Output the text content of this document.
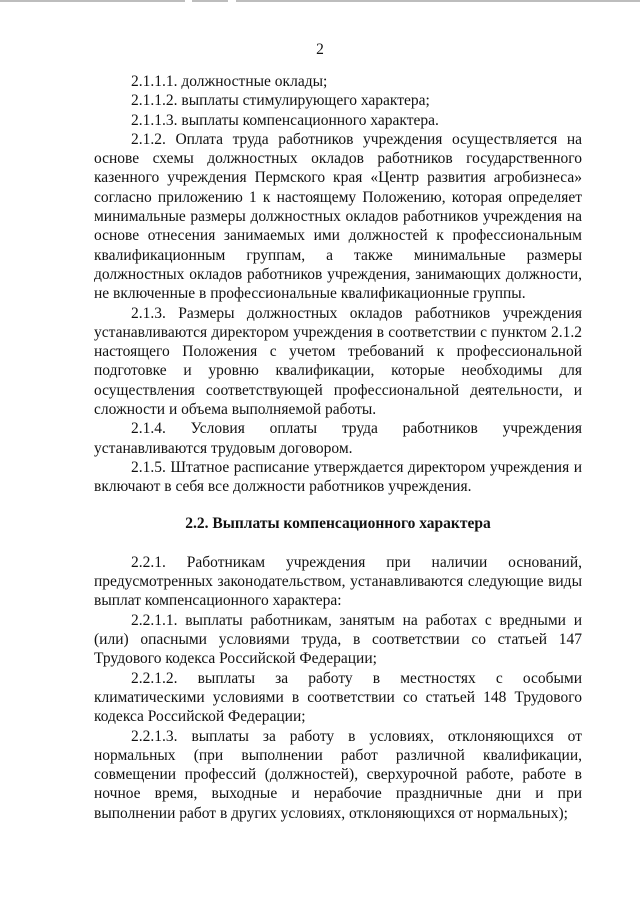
2

2.1.1.1. должностные оклады;

2.1.1.2. выплаты стимулирующего характера;

2.1.1.3. выплаты компенсационного характера.

2.1.2. Оплата труда работников учреждения осуществляется на основе схемы должностных окладов работников государственного казенного учреждения Пермского края «Центр развития агробизнеса» согласно приложению 1 к настоящему Положению, которая определяет минимальные размеры должностных окладов работников учреждения на основе отнесения занимаемых ими должностей к профессиональным квалификационным группам, а также минимальные размеры должностных окладов работников учреждения, занимающих должности, не включенные в профессиональные квалификационные группы.

2.1.3. Размеры должностных окладов работников учреждения устанавливаются директором учреждения в соответствии с пунктом 2.1.2 настоящего Положения с учетом требований к профессиональной подготовке и уровню квалификации, которые необходимы для осуществления соответствующей профессиональной деятельности, и сложности и объема выполняемой работы.

2.1.4. Условия оплаты труда работников учреждения устанавливаются трудовым договором.

2.1.5. Штатное расписание утверждается директором учреждения и включают в себя все должности работников учреждения.

2.2. Выплаты компенсационного характера

2.2.1. Работникам учреждения при наличии оснований, предусмотренных законодательством, устанавливаются следующие виды выплат компенсационного характера:

2.2.1.1. выплаты работникам, занятым на работах с вредными и (или) опасными условиями труда, в соответствии со статьей 147 Трудового кодекса Российской Федерации;

2.2.1.2. выплаты за работу в местностях с особыми климатическими условиями в соответствии со статьей 148 Трудового кодекса Российской Федерации;

2.2.1.3. выплаты за работу в условиях, отклоняющихся от нормальных (при выполнении работ различной квалификации, совмещении профессий (должностей), сверхурочной работе, работе в ночное время, выходные и нерабочие праздничные дни и при выполнении работ в других условиях, отклоняющихся от нормальных);
